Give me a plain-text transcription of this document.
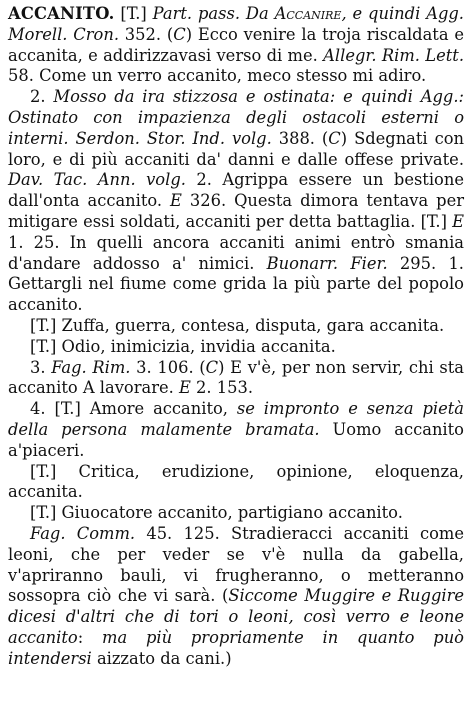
ACCANITO. [T.] Part. pass. Da Accanire, e quindi Agg. Morell. Cron. 352. (C) Ecco venire la troja riscaldata e accanita, e addirizzavasi verso di me. Allegr. Rim. Lett. 58. Come un verro accanito, meco stesso mi adiro.

2. Mosso da ira stizzosa e ostinata: e quindi Agg.: Ostinato con impazienza degli ostacoli esterni o interni. Serdon. Stor. Ind. volg. 388. (C) Sdegnati con loro, e di più accaniti da' danni e dalle offese private. Dav. Tac. Ann. volg. 2. Agrippa essere un bestione dall'onta accanito. E 326. Questa dimora tentava per mitigare essi soldati, accaniti per detta battaglia. [T.] E 1. 25. In quelli ancora accaniti animi entrò smania d'andare addosso a' nimici. Buonarr. Fier. 295. 1. Gettargli nel fiume come grida la più parte del popolo accanito.

[T.] Zuffa, guerra, contesa, disputa, gara accanita.

[T.] Odio, inimicizia, invidia accanita.

3. Fag. Rim. 3. 106. (C) E v'è, per non servir, chi sta accanito A lavorare. E 2. 153.

4. [T.] Amore accanito, se impronto e senza pietà della persona malamente bramata. Uomo accanito a'piaceri.

[T.] Critica, erudizione, opinione, eloquenza, accanita.

[T.] Giuocatore accanito, partigiano accanito.

Fag. Comm. 45. 125. Stradieracci accaniti come leoni, che per veder se v'è nulla da gabella, v'apriranno bauli, vi frugheranno, o metteranno sossopra ciò che vi sarà. (Siccome Muggire e Ruggire dicesi d'altri che di tori o leoni, così verro e leone accanito: ma più propriamente in quanto può intendersi aizzato da cani.)
